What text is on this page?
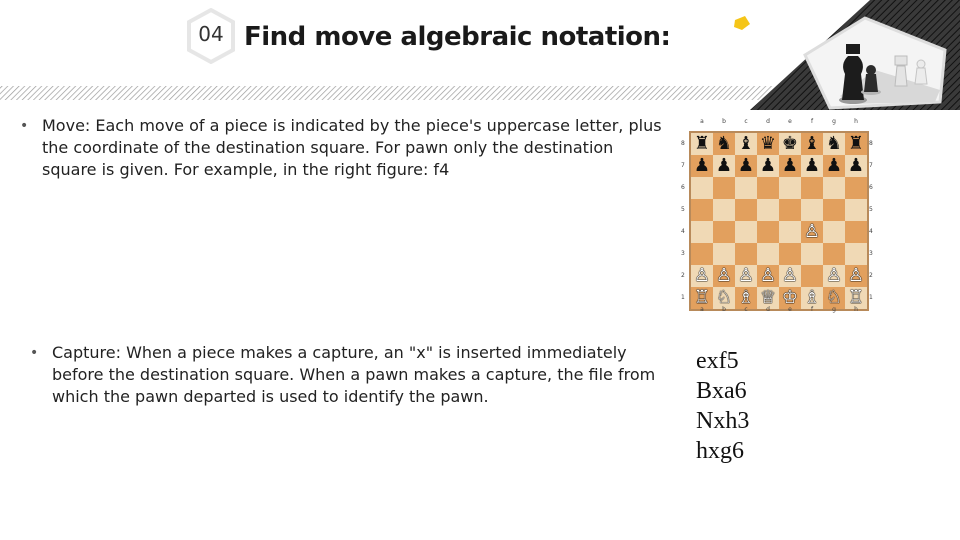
04 Find move algebraic notation:
• Move: Each move of a piece is indicated by the piece's uppercase letter, plus the coordinate of the destination square. For pawn only the destination square is given. For example, in the right figure: f4
• Capture: When a piece makes a capture, an "x" is inserted immediately before the destination square. When a pawn makes a capture, the file from which the pawn departed is used to identify the pawn.
a	b	c	d	e	f	g	h
8
7
6
5
4
3
2
1
♜ ♞ ♝ ♛ ♚ ♝ ♞ ♜
♟ ♟ ♟ ♟ ♟ ♟ ♟ ♟
♙
♙ ♙ ♙ ♙ ♙ ♙ ♙
♖ ♘ ♗ ♕ ♔ ♗ ♘ ♖
8
7
6
5
4
3
2
1
a	b	c	d	e	f	g	h
exf5
Bxa6
Nxh3
hxg6
